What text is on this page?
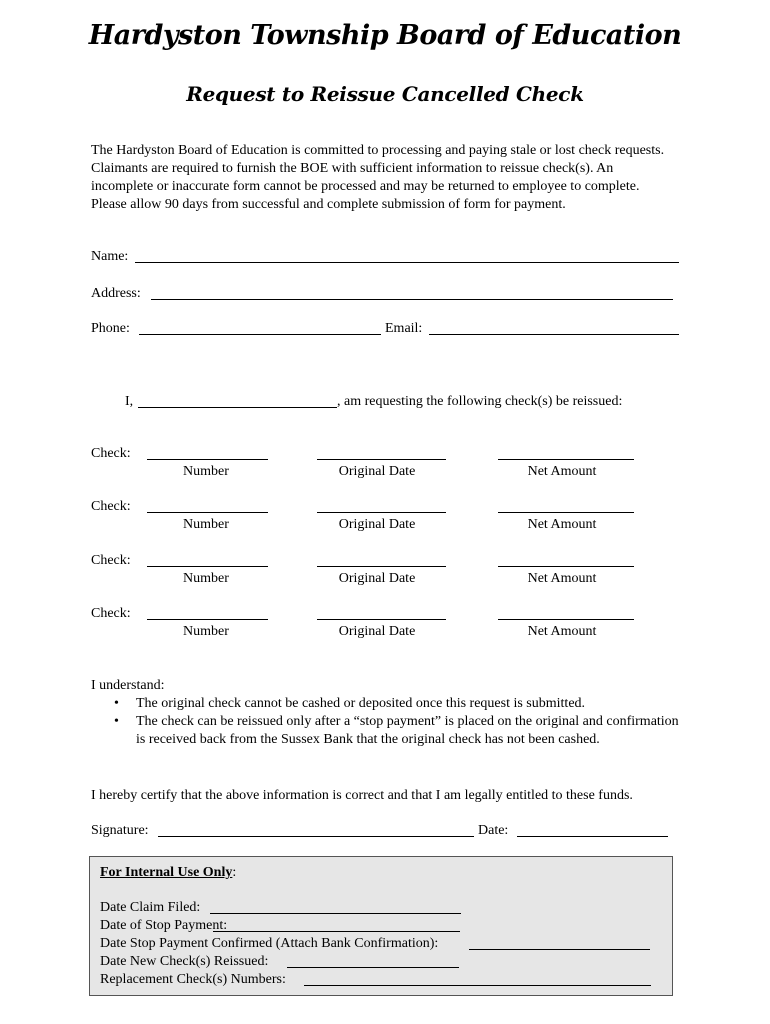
Hardyston Township Board of Education
Request to Reissue Cancelled Check
The Hardyston Board of Education is committed to processing and paying stale or lost check requests. Claimants are required to furnish the BOE with sufficient information to reissue check(s). An incomplete or inaccurate form cannot be processed and may be returned to employee to complete. Please allow 90 days from successful and complete submission of form for payment.
Name:
Address:
Phone:	Email:
I,	, am requesting the following check(s) be reissued:
Check:
Number	Original Date	Net Amount
Check:
Number	Original Date	Net Amount
Check:
Number	Original Date	Net Amount
Check:
Number	Original Date	Net Amount
I understand:
• The original check cannot be cashed or deposited once this request is submitted.
• The check can be reissued only after a “stop payment” is placed on the original and confirmation is received back from the Sussex Bank that the original check has not been cashed.
I hereby certify that the above information is correct and that I am legally entitled to these funds.
Signature:	Date:
For Internal Use Only:
Date Claim Filed:
Date of Stop Payment:
Date Stop Payment Confirmed (Attach Bank Confirmation):
Date New Check(s) Reissued:
Replacement Check(s) Numbers:
